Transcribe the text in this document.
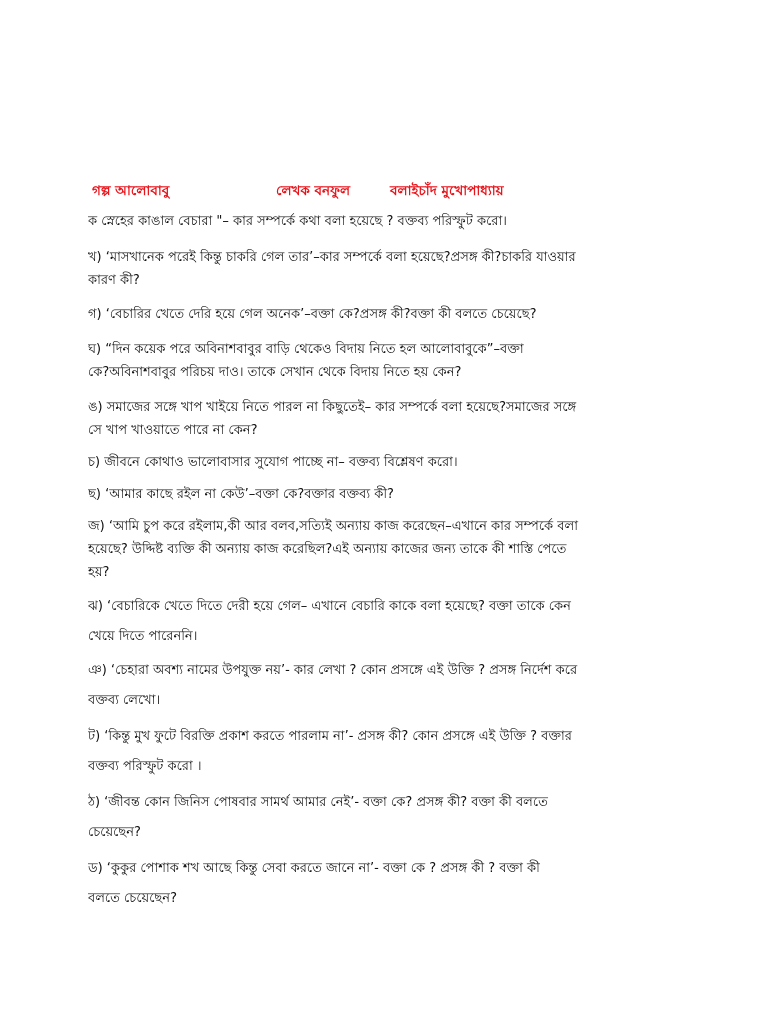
গল্প আলোবাবু	লেখক বনফুল	বলাইচাঁদ মুখোপাধ্যায়
ক স্নেহের কাঙাল বেচারা "– কার সম্পর্কে কথা বলা হয়েছে ? বক্তব্য পরিস্ফুট করো।
খ) ‘মাসখানেক পরেই কিন্তু চাকরি গেল তার’–কার সম্পর্কে বলা হয়েছে?প্রসঙ্গ কী?চাকরি যাওয়ার
কারণ কী?
গ) ‘বেচারির খেতে দেরি হয়ে গেল অনেক’–বক্তা কে?প্রসঙ্গ কী?বক্তা কী বলতে চেয়েছে?
ঘ) “দিন কয়েক পরে অবিনাশবাবুর বাড়ি থেকেও বিদায় নিতে হল আলোবাবুকে”–বক্তা
কে?অবিনাশবাবুর পরিচয় দাও। তাকে সেখান থেকে বিদায় নিতে হয় কেন?
ঙ) সমাজের সঙ্গে খাপ খাইয়ে নিতে পারল না কিছুতেই– কার সম্পর্কে বলা হয়েছে?সমাজের সঙ্গে
সে খাপ খাওয়াতে পারে না কেন?
চ) জীবনে কোথাও ভালোবাসার সুযোগ পাচ্ছে না– বক্তব্য বিশ্লেষণ করো।
ছ) ‘আমার কাছে রইল না কেউ’–বক্তা কে?বক্তার বক্তব্য কী?
জ) ‘আমি চুপ করে রইলাম,কী আর বলব,সত্যিই অন্যায় কাজ করেছেন–এখানে কার সম্পর্কে বলা
হয়েছে? উদ্দিষ্ট ব্যক্তি কী অন্যায় কাজ করেছিল?এই অন্যায় কাজের জন্য তাকে কী শাস্তি পেতে
হয়?
ঝ) ‘বেচারিকে খেতে দিতে দেরী হয়ে গেল– এখানে বেচারি কাকে বলা হয়েছে? বক্তা তাকে কেন
খেয়ে দিতে পারেননি।
ঞ) ‘চেহারা অবশ্য নামের উপযুক্ত নয়’- কার লেখা ? কোন প্রসঙ্গে এই উক্তি ? প্রসঙ্গ নির্দেশ করে
বক্তব্য লেখো।
ট) ‘কিন্তু মুখ ফুটে বিরক্তি প্রকাশ করতে পারলাম না’- প্রসঙ্গ কী? কোন প্রসঙ্গে এই উক্তি ? বক্তার
বক্তব্য পরিস্ফুট করো ।
ঠ) ‘জীবন্ত কোন জিনিস পোষবার সামর্থ আমার নেই’- বক্তা কে? প্রসঙ্গ কী? বক্তা কী বলতে
চেয়েছেন?
ড) ‘কুকুর পোশাক শখ আছে কিন্তু সেবা করতে জানে না’- বক্তা কে ? প্রসঙ্গ কী ? বক্তা কী
বলতে চেয়েছেন?
